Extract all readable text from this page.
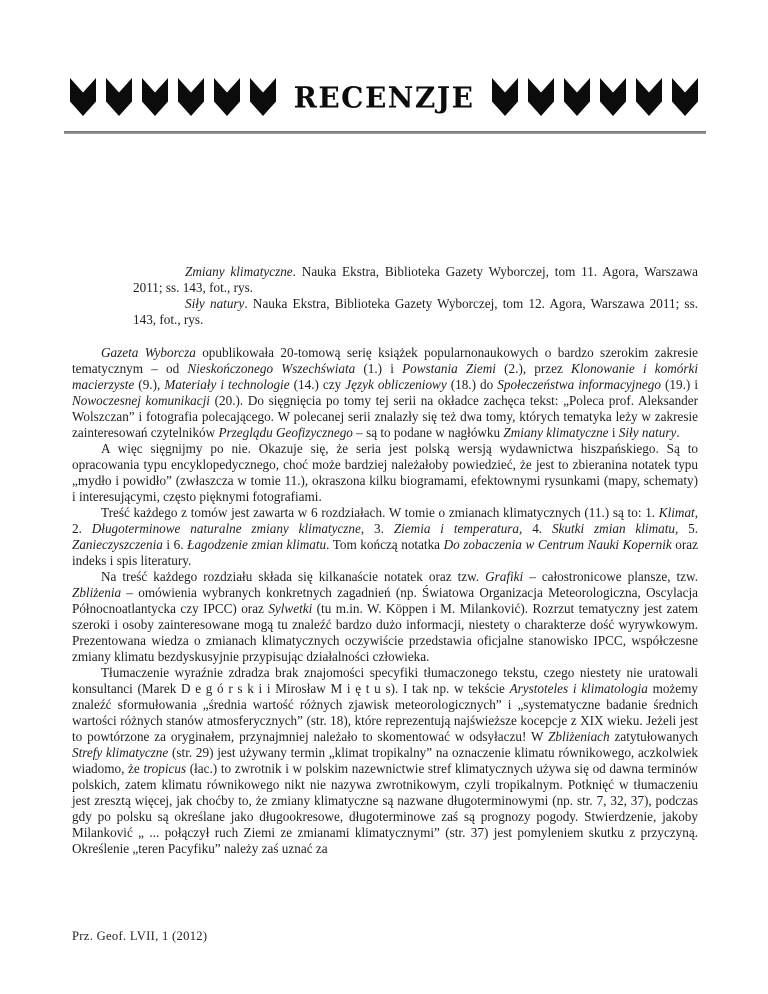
RECENZJE

Zmiany klimatyczne. Nauka Ekstra, Biblioteka Gazety Wyborczej, tom 11. Agora, Warszawa 2011; ss. 143, fot., rys.

Siły natury. Nauka Ekstra, Biblioteka Gazety Wyborczej, tom 12. Agora, Warszawa 2011; ss. 143, fot., rys.

Gazeta Wyborcza opublikowała 20-tomową serię książek popularnonaukowych o bardzo szerokim zakresie tematycznym – od Nieskończonego Wszechświata (1.) i Powstania Ziemi (2.), przez Klonowanie i komórki macierzyste (9.), Materiały i technologie (14.) czy Język obliczeniowy (18.) do Społeczeństwa informacyjnego (19.) i Nowoczesnej komunikacji (20.). Do sięgnięcia po tomy tej serii na okładce zachęca tekst: „Poleca prof. Aleksander Wolszczan” i fotografia polecającego. W polecanej serii znalazły się też dwa tomy, których tematyka leży w zakresie zainteresowań czytelników Przeglądu Geofizycznego – są to podane w nagłówku Zmiany klimatyczne i Siły natury.

A więc sięgnijmy po nie. Okazuje się, że seria jest polską wersją wydawnictwa hiszpańskiego. Są to opracowania typu encyklopedycznego, choć może bardziej należałoby powiedzieć, że jest to zbieranina notatek typu „mydło i powidło” (zwłaszcza w tomie 11.), okraszona kilku biogramami, efektownymi rysunkami (mapy, schematy) i interesującymi, często pięknymi fotografiami.

Treść każdego z tomów jest zawarta w 6 rozdziałach. W tomie o zmianach klimatycznych (11.) są to: 1. Klimat, 2. Długoterminowe naturalne zmiany klimatyczne, 3. Ziemia i temperatura, 4. Skutki zmian klimatu, 5. Zanieczyszczenia i 6. Łagodzenie zmian klimatu. Tom kończą notatka Do zobaczenia w Centrum Nauki Kopernik oraz indeks i spis literatury.

Na treść każdego rozdziału składa się kilkanaście notatek oraz tzw. Grafiki – całostronicowe plansze, tzw. Zbliżenia – omówienia wybranych konkretnych zagadnień (np. Światowa Organizacja Meteorologiczna, Oscylacja Północnoatlantycka czy IPCC) oraz Sylwetki (tu m.in. W. Köppen i M. Milanković). Rozrzut tematyczny jest zatem szeroki i osoby zainteresowane mogą tu znaleźć bardzo dużo informacji, niestety o charakterze dość wyrywkowym. Prezentowana wiedza o zmianach klimatycznych oczywiście przedstawia oficjalne stanowisko IPCC, współczesne zmiany klimatu bezdyskusyjnie przypisując działalności człowieka.

Tłumaczenie wyraźnie zdradza brak znajomości specyfiki tłumaczonego tekstu, czego niestety nie uratowali konsultanci (Marek D e g ó r s k i i Mirosław M i ę t u s). I tak np. w tekście Arystoteles i klimatologia możemy znaleźć sformułowania „średnia wartość różnych zjawisk meteorologicznych” i „systematyczne badanie średnich wartości różnych stanów atmosferycznych” (str. 18), które reprezentują najświeższe kocepcje z XIX wieku. Jeżeli jest to powtórzone za oryginałem, przynajmniej należało to skomentować w odsyłaczu! W Zbliżeniach zatytułowanych Strefy klimatyczne (str. 29) jest używany termin „klimat tropikalny” na oznaczenie klimatu równikowego, aczkolwiek wiadomo, że tropicus (łac.) to zwrotnik i w polskim nazewnictwie stref klimatycznych używa się od dawna terminów polskich, zatem klimatu równikowego nikt nie nazywa zwrotnikowym, czyli tropikalnym. Potknięć w tłumaczeniu jest zresztą więcej, jak choćby to, że zmiany klimatyczne są nazwane długoterminowymi (np. str. 7, 32, 37), podczas gdy po polsku są określane jako długookresowe, długoterminowe zaś są prognozy pogody. Stwierdzenie, jakoby Milanković „ ... połączył ruch Ziemi ze zmianami klimatycznymi” (str. 37) jest pomyleniem skutku z przyczyną. Określenie „teren Pacyfiku” należy zaś uznać za

Prz. Geof. LVII, 1 (2012)
